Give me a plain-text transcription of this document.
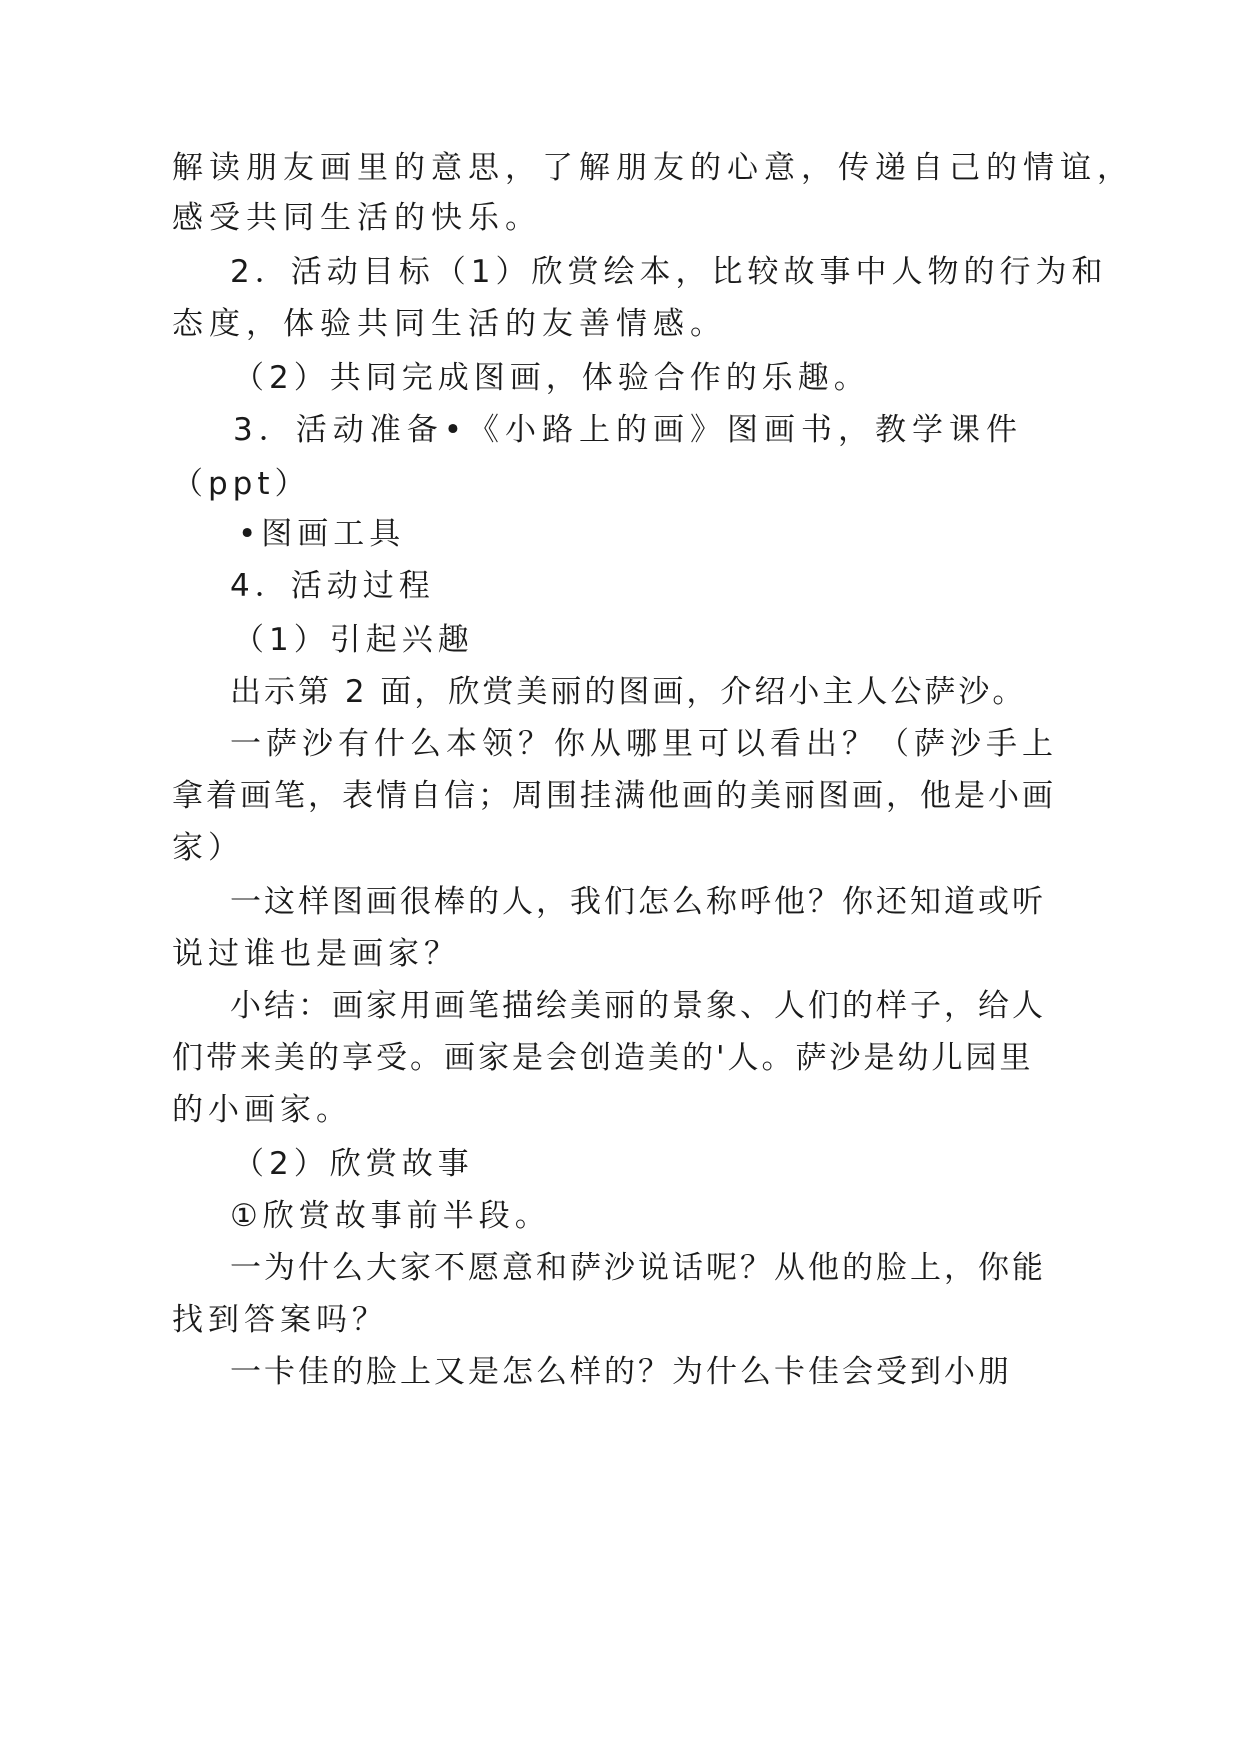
解读朋友画里的意思，了解朋友的心意，传递自己的情谊，
感受共同生活的快乐。
2．活动目标（1）欣赏绘本，比较故事中人物的行为和
态度，体验共同生活的友善情感。
（2）共同完成图画，体验合作的乐趣。
3．活动准备•《小路上的画》图画书，教学课件
（ppt）
•图画工具
4．活动过程
（1）引起兴趣
出示第 2 面，欣赏美丽的图画，介绍小主人公萨沙。
一萨沙有什么本领？你从哪里可以看出？（萨沙手上
拿着画笔，表情自信；周围挂满他画的美丽图画，他是小画
家）
一这样图画很棒的人，我们怎么称呼他？你还知道或听
说过谁也是画家？
小结：画家用画笔描绘美丽的景象、人们的样子，给人
们带来美的享受。画家是会创造美的'人。萨沙是幼儿园里
的小画家。
（2）欣赏故事
①欣赏故事前半段。
一为什么大家不愿意和萨沙说话呢？从他的脸上，你能
找到答案吗？
一卡佳的脸上又是怎么样的？为什么卡佳会受到小朋
